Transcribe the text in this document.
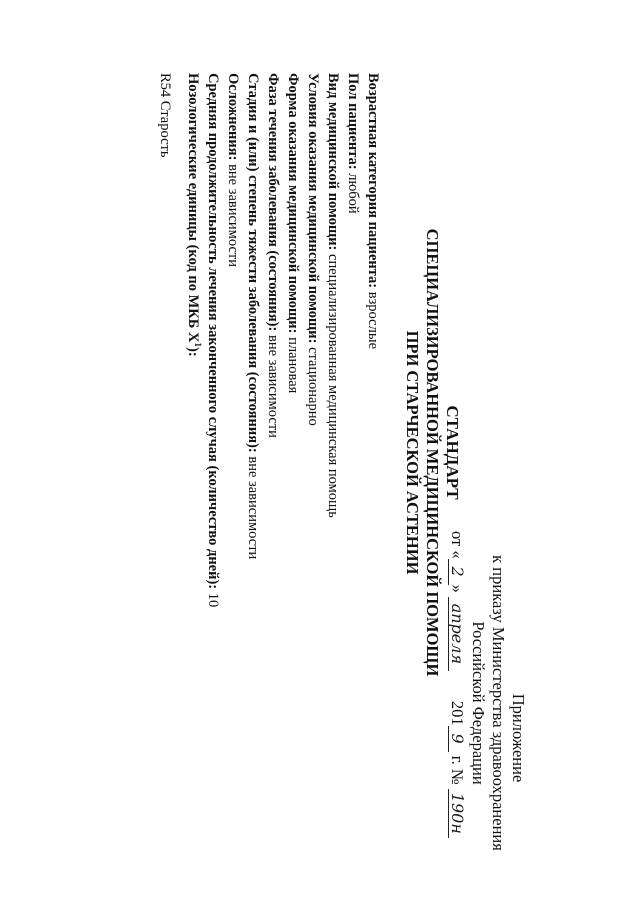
Приложение
к приказу Министерства здравоохранения
Российской Федерации
от «2»апреля2019 г. № 190н
СТАНДАРТ
СПЕЦИАЛИЗИРОВАННОЙ МЕДИЦИНСКОЙ ПОМОЩИ
ПРИ СТАРЧЕСКОЙ АСТЕНИИ
Возрастная категория пациента: взрослые
Пол пациента: любой
Вид медицинской помощи: специализированная медицинская помощь
Условия оказания медицинской помощи: стационарно
Форма оказания медицинской помощи: плановая
Фаза течения заболевания (состояния): вне зависимости
Стадия и (или) степень тяжести заболевания (состояния): вне зависимости
Осложнения: вне зависимости
Средняя продолжительность лечения законченного случая (количество дней): 10
Нозологические единицы (код по МКБ $X^1$):
R54 Старость
